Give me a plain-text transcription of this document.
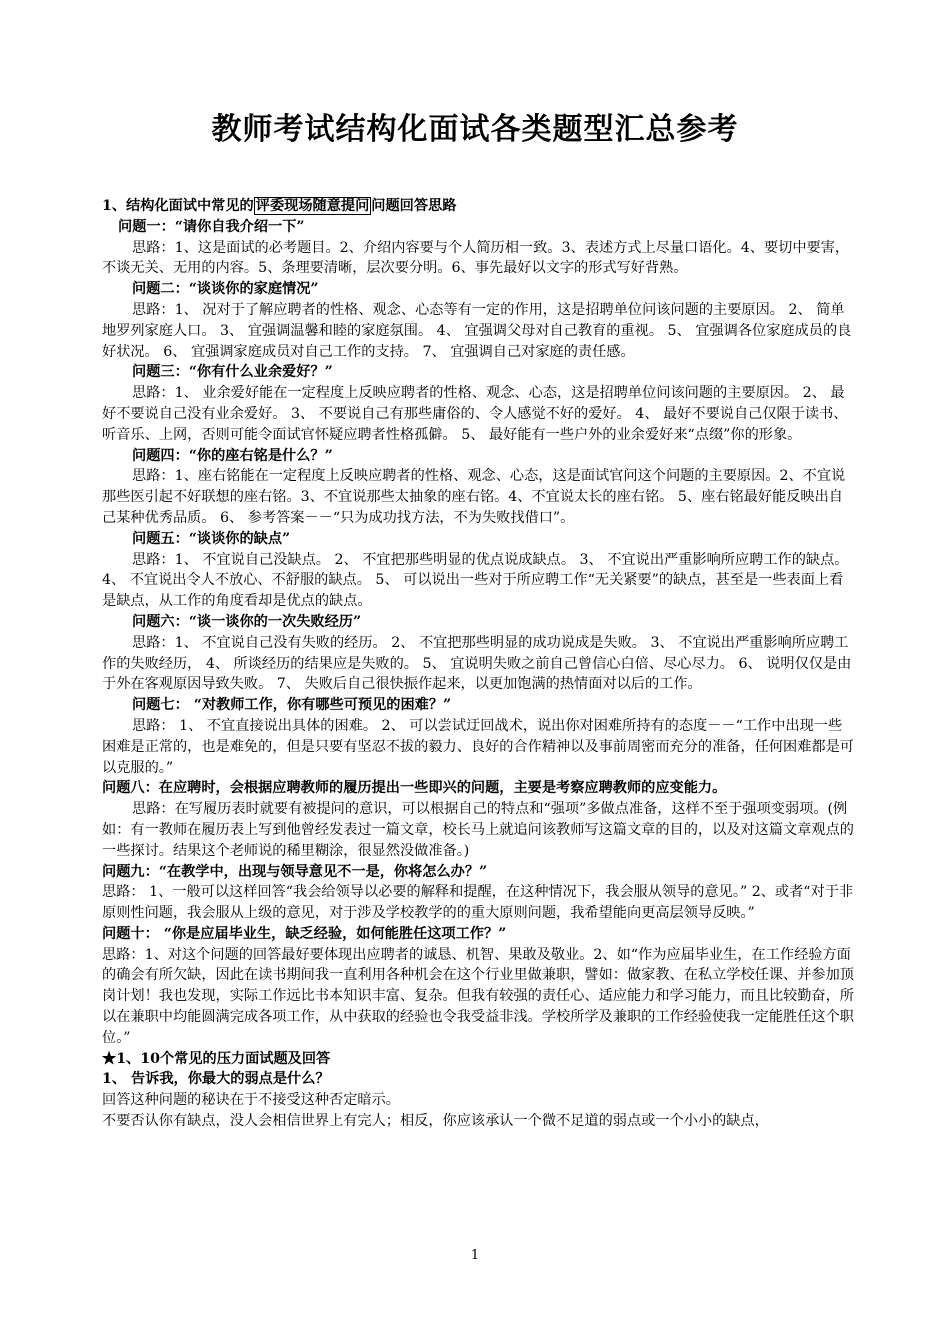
教师考试结构化面试各类题型汇总参考

1、结构化面试中常见的 评委现场随意提问 问题回答思路

问题一：“请你自我介绍一下”

思路：1、这是面试的必考题目。2、介绍内容要与个人简历相一致。3、表述方式上尽量口语化。4、要切中要害，不谈无关、无用的内容。5、条理要清晰，层次要分明。6、事先最好以文字的形式写好背熟。

问题二：“谈谈你的家庭情况”

思路：1、 况对于了解应聘者的性格、观念、心态等有一定的作用，这是招聘单位问该问题的主要原因。 2、 简单地罗列家庭人口。 3、 宜强调温馨和睦的家庭氛围。 4、 宜强调父母对自己教育的重视。 5、 宜强调各位家庭成员的良好状况。 6、 宜强调家庭成员对自己工作的支持。 7、 宜强调自己对家庭的责任感。

问题三：“你有什么业余爱好？”

思路：1、 业余爱好能在一定程度上反映应聘者的性格、观念、心态，这是招聘单位问该问题的主要原因。 2、 最好不要说自己没有业余爱好。 3、 不要说自己有那些庸俗的、令人感觉不好的爱好。 4、 最好不要说自己仅限于读书、听音乐、上网，否则可能令面试官怀疑应聘者性格孤僻。 5、 最好能有一些户外的业余爱好来“点缀”你的形象。

问题四：“你的座右铭是什么？”

思路：1、座右铭能在一定程度上反映应聘者的性格、观念、心态，这是面试官问这个问题的主要原因。2、不宜说那些医引起不好联想的座右铭。3、不宜说那些太抽象的座右铭。4、不宜说太长的座右铭。 5、座右铭最好能反映出自己某种优秀品质。 6、 参考答案－－“只为成功找方法，不为失败找借口”。

问题五：“谈谈你的缺点”

思路：1、 不宜说自己没缺点。 2、 不宜把那些明显的优点说成缺点。 3、 不宜说出严重影响所应聘工作的缺点。 4、 不宜说出令人不放心、不舒服的缺点。 5、 可以说出一些对于所应聘工作“无关紧要”的缺点，甚至是一些表面上看是缺点，从工作的角度看却是优点的缺点。

问题六：“谈一谈你的一次失败经历”

思路：1、 不宜说自己没有失败的经历。 2、 不宜把那些明显的成功说成是失败。 3、 不宜说出严重影响所应聘工作的失败经历， 4、 所谈经历的结果应是失败的。 5、 宜说明失败之前自己曾信心白倍、尽心尽力。 6、 说明仅仅是由于外在客观原因导致失败。 7、 失败后自己很快振作起来，以更加饱满的热情面对以后的工作。

问题七： “对教师工作，你有哪些可预见的困难？”

思路： 1、 不宜直接说出具体的困难。 2、 可以尝试迂回战术，说出你对困难所持有的态度－－“工作中出现一些困难是正常的，也是难免的，但是只要有坚忍不拔的毅力、良好的合作精神以及事前周密而充分的准备，任何困难都是可以克服的。”

问题八：在应聘时，会根据应聘教师的履历提出一些即兴的问题，主要是考察应聘教师的应变能力。

思路：在写履历表时就要有被提问的意识，可以根据自己的特点和“强项”多做点准备，这样不至于强项变弱项。(例如：有一教师在履历表上写到他曾经发表过一篇文章，校长马上就追问该教师写这篇文章的目的，以及对这篇文章观点的一些探讨。结果这个老师说的稀里糊涂，很显然没做准备。)

问题九：“在教学中，出现与领导意见不一是，你将怎么办？”

思路： 1、一般可以这样回答“我会给领导以必要的解释和提醒，在这种情况下，我会服从领导的意见。” 2、或者“对于非原则性问题，我会服从上级的意见，对于涉及学校教学的的重大原则问题，我希望能向更高层领导反映。”

问题十： “你是应届毕业生，缺乏经验，如何能胜任这项工作？”

思路：1、对这个问题的回答最好要体现出应聘者的诚恳、机智、果敢及敬业。2、如“作为应届毕业生，在工作经验方面的确会有所欠缺，因此在读书期间我一直利用各种机会在这个行业里做兼职，譬如：做家教、在私立学校任课、并参加顶岗计划！我也发现，实际工作远比书本知识丰富、复杂。但我有较强的责任心、适应能力和学习能力，而且比较勤奋，所以在兼职中均能圆满完成各项工作，从中获取的经验也令我受益非浅。学校所学及兼职的工作经验使我一定能胜任这个职位。”

★1、10个常见的压力面试题及回答

1、 告诉我，你最大的弱点是什么？

回答这种问题的秘诀在于不接受这种否定暗示。

不要否认你有缺点，没人会相信世界上有完人；相反，你应该承认一个微不足道的弱点或一个小小的缺点，

1
